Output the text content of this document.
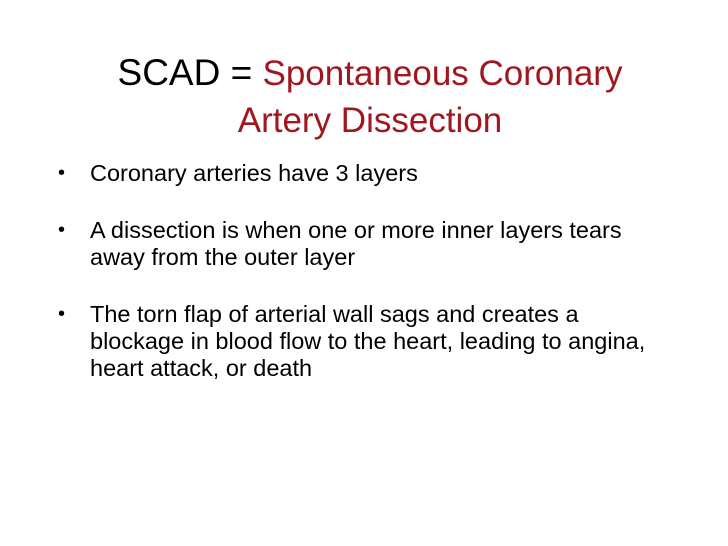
SCAD = Spontaneous Coronary
Artery Dissection
•	Coronary arteries have 3 layers
•	A dissection is when one or more inner layers tears away from the outer layer
•	The torn flap of arterial wall sags and creates a blockage in blood flow to the heart, leading to angina, heart attack, or death
